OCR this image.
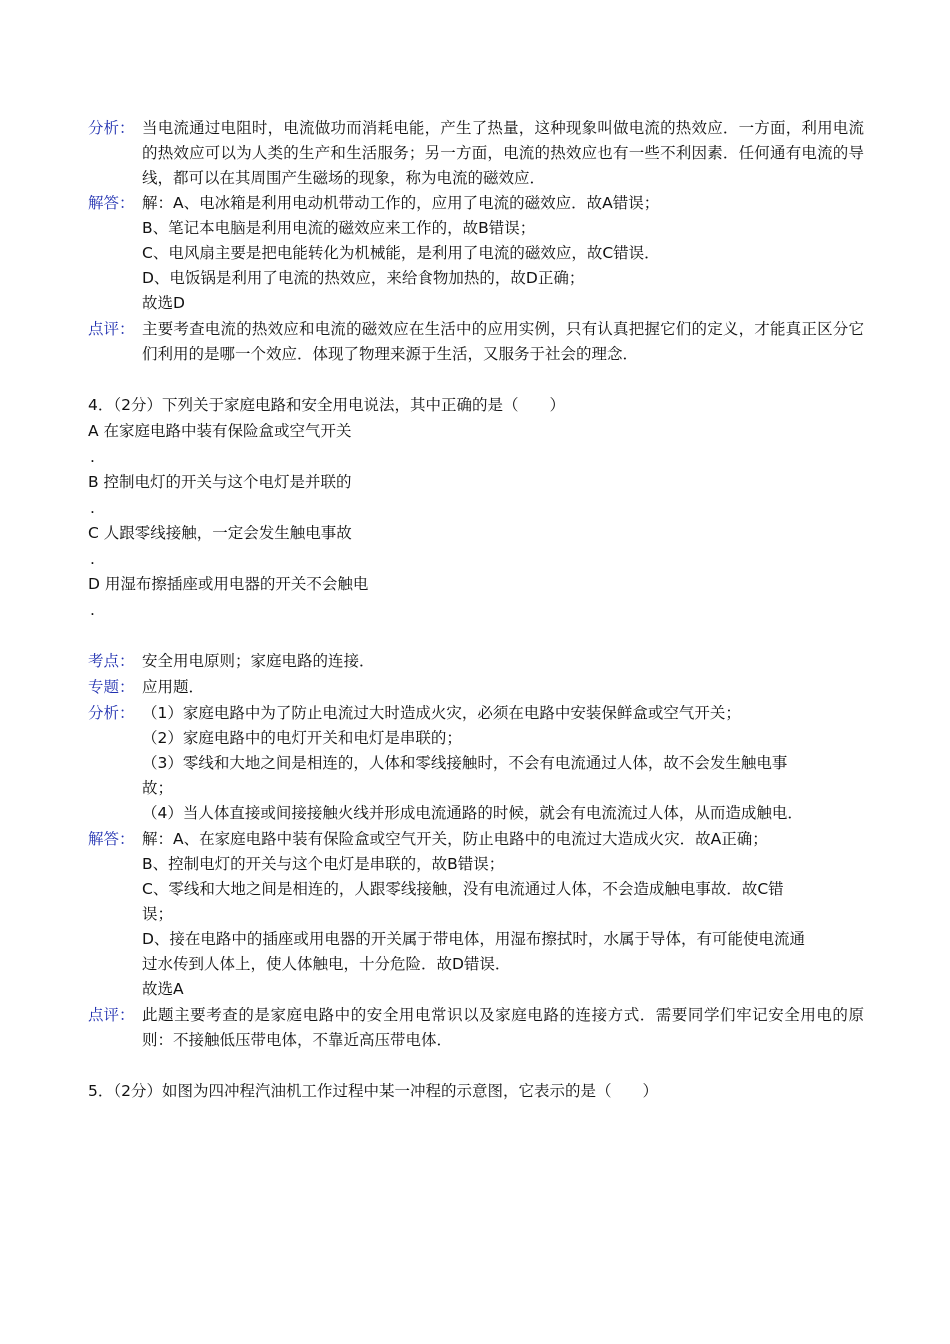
分析： 当电流通过电阻时，电流做功而消耗电能，产生了热量，这种现象叫做电流的热效应．一方面，利用电流的热效应可以为人类的生产和生活服务；另一方面，电流的热效应也有一些不利因素．任何通有电流的导线，都可以在其周围产生磁场的现象，称为电流的磁效应．
解答： 解：A、电冰箱是利用电动机带动工作的，应用了电流的磁效应．故A错误；
B、笔记本电脑是利用电流的磁效应来工作的，故B错误；
C、电风扇主要是把电能转化为机械能，是利用了电流的磁效应，故C错误．
D、电饭锅是利用了电流的热效应，来给食物加热的，故D正确；
故选D
点评： 主要考查电流的热效应和电流的磁效应在生活中的应用实例，只有认真把握它们的定义，才能真正区分它们利用的是哪一个效应．体现了物理来源于生活，又服务于社会的理念．
4．（2分）下列关于家庭电路和安全用电说法，其中正确的是（　　）
A 在家庭电路中装有保险盒或空气开关
.
B 控制电灯的开关与这个电灯是并联的
.
C 人跟零线接触，一定会发生触电事故
.
D 用湿布擦插座或用电器的开关不会触电
.
考点： 安全用电原则；家庭电路的连接．
专题： 应用题．
分析： （1）家庭电路中为了防止电流过大时造成火灾，必须在电路中安装保鲜盒或空气开关；
（2）家庭电路中的电灯开关和电灯是串联的；
（3）零线和大地之间是相连的，人体和零线接触时，不会有电流通过人体，故不会发生触电事
故；
（4）当人体直接或间接接触火线并形成电流通路的时候，就会有电流流过人体，从而造成触电．
解答： 解：A、在家庭电路中装有保险盒或空气开关，防止电路中的电流过大造成火灾．故A正确；
B、控制电灯的开关与这个电灯是串联的，故B错误；
C、零线和大地之间是相连的，人跟零线接触，没有电流通过人体，不会造成触电事故．故C错
误；
D、接在电路中的插座或用电器的开关属于带电体，用湿布擦拭时，水属于导体，有可能使电流通
过水传到人体上，使人体触电，十分危险．故D错误．
故选A
点评： 此题主要考查的是家庭电路中的安全用电常识以及家庭电路的连接方式．需要同学们牢记安全用电的原则：不接触低压带电体，不靠近高压带电体．
5．（2分）如图为四冲程汽油机工作过程中某一冲程的示意图，它表示的是（　　）
